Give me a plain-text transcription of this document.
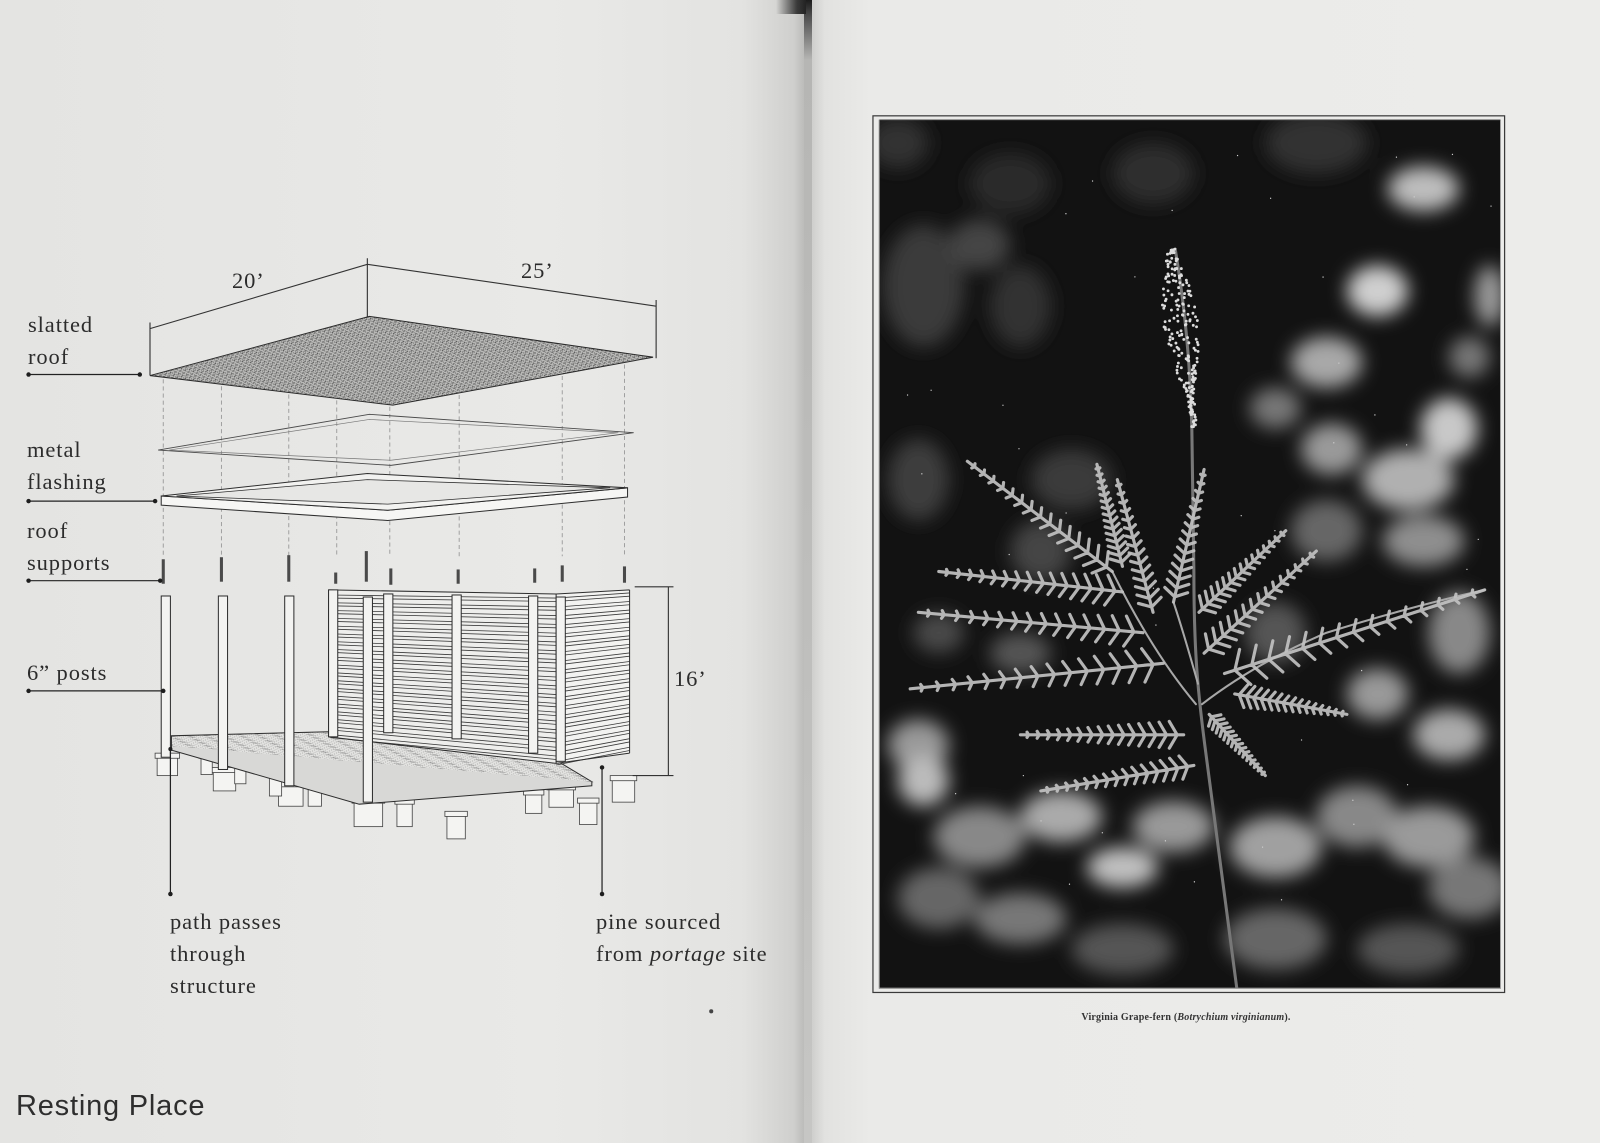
20’	25’
16’
slatted
roof
metal
flashing
roof
supports
6” posts
path passes
through
structure
pine sourced
from portage site
Resting Place
Virginia Grape-fern (Botrychium virginianum).
